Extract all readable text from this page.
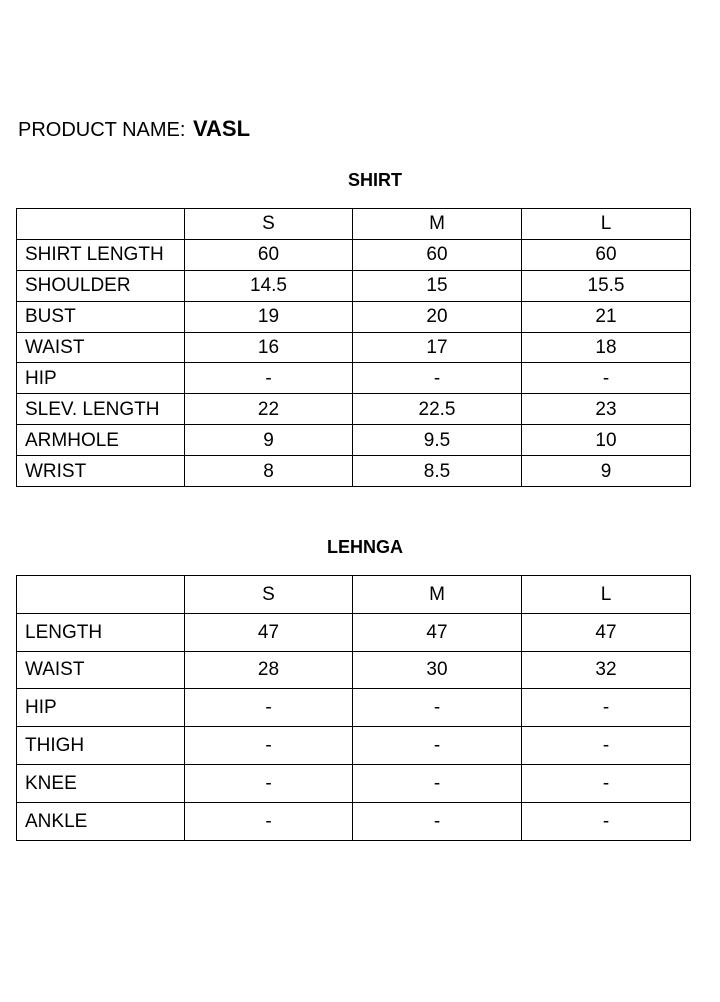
PRODUCT NAME: VASL
SHIRT
	S	M	L
SHIRT LENGTH	60	60	60
SHOULDER	14.5	15	15.5
BUST	19	20	21
WAIST	16	17	18
HIP	-	-	-
SLEV. LENGTH	22	22.5	23
ARMHOLE	9	9.5	10
WRIST	8	8.5	9
LEHNGA
	S	M	L
LENGTH	47	47	47
WAIST	28	30	32
HIP	-	-	-
THIGH	-	-	-
KNEE	-	-	-
ANKLE	-	-	-
